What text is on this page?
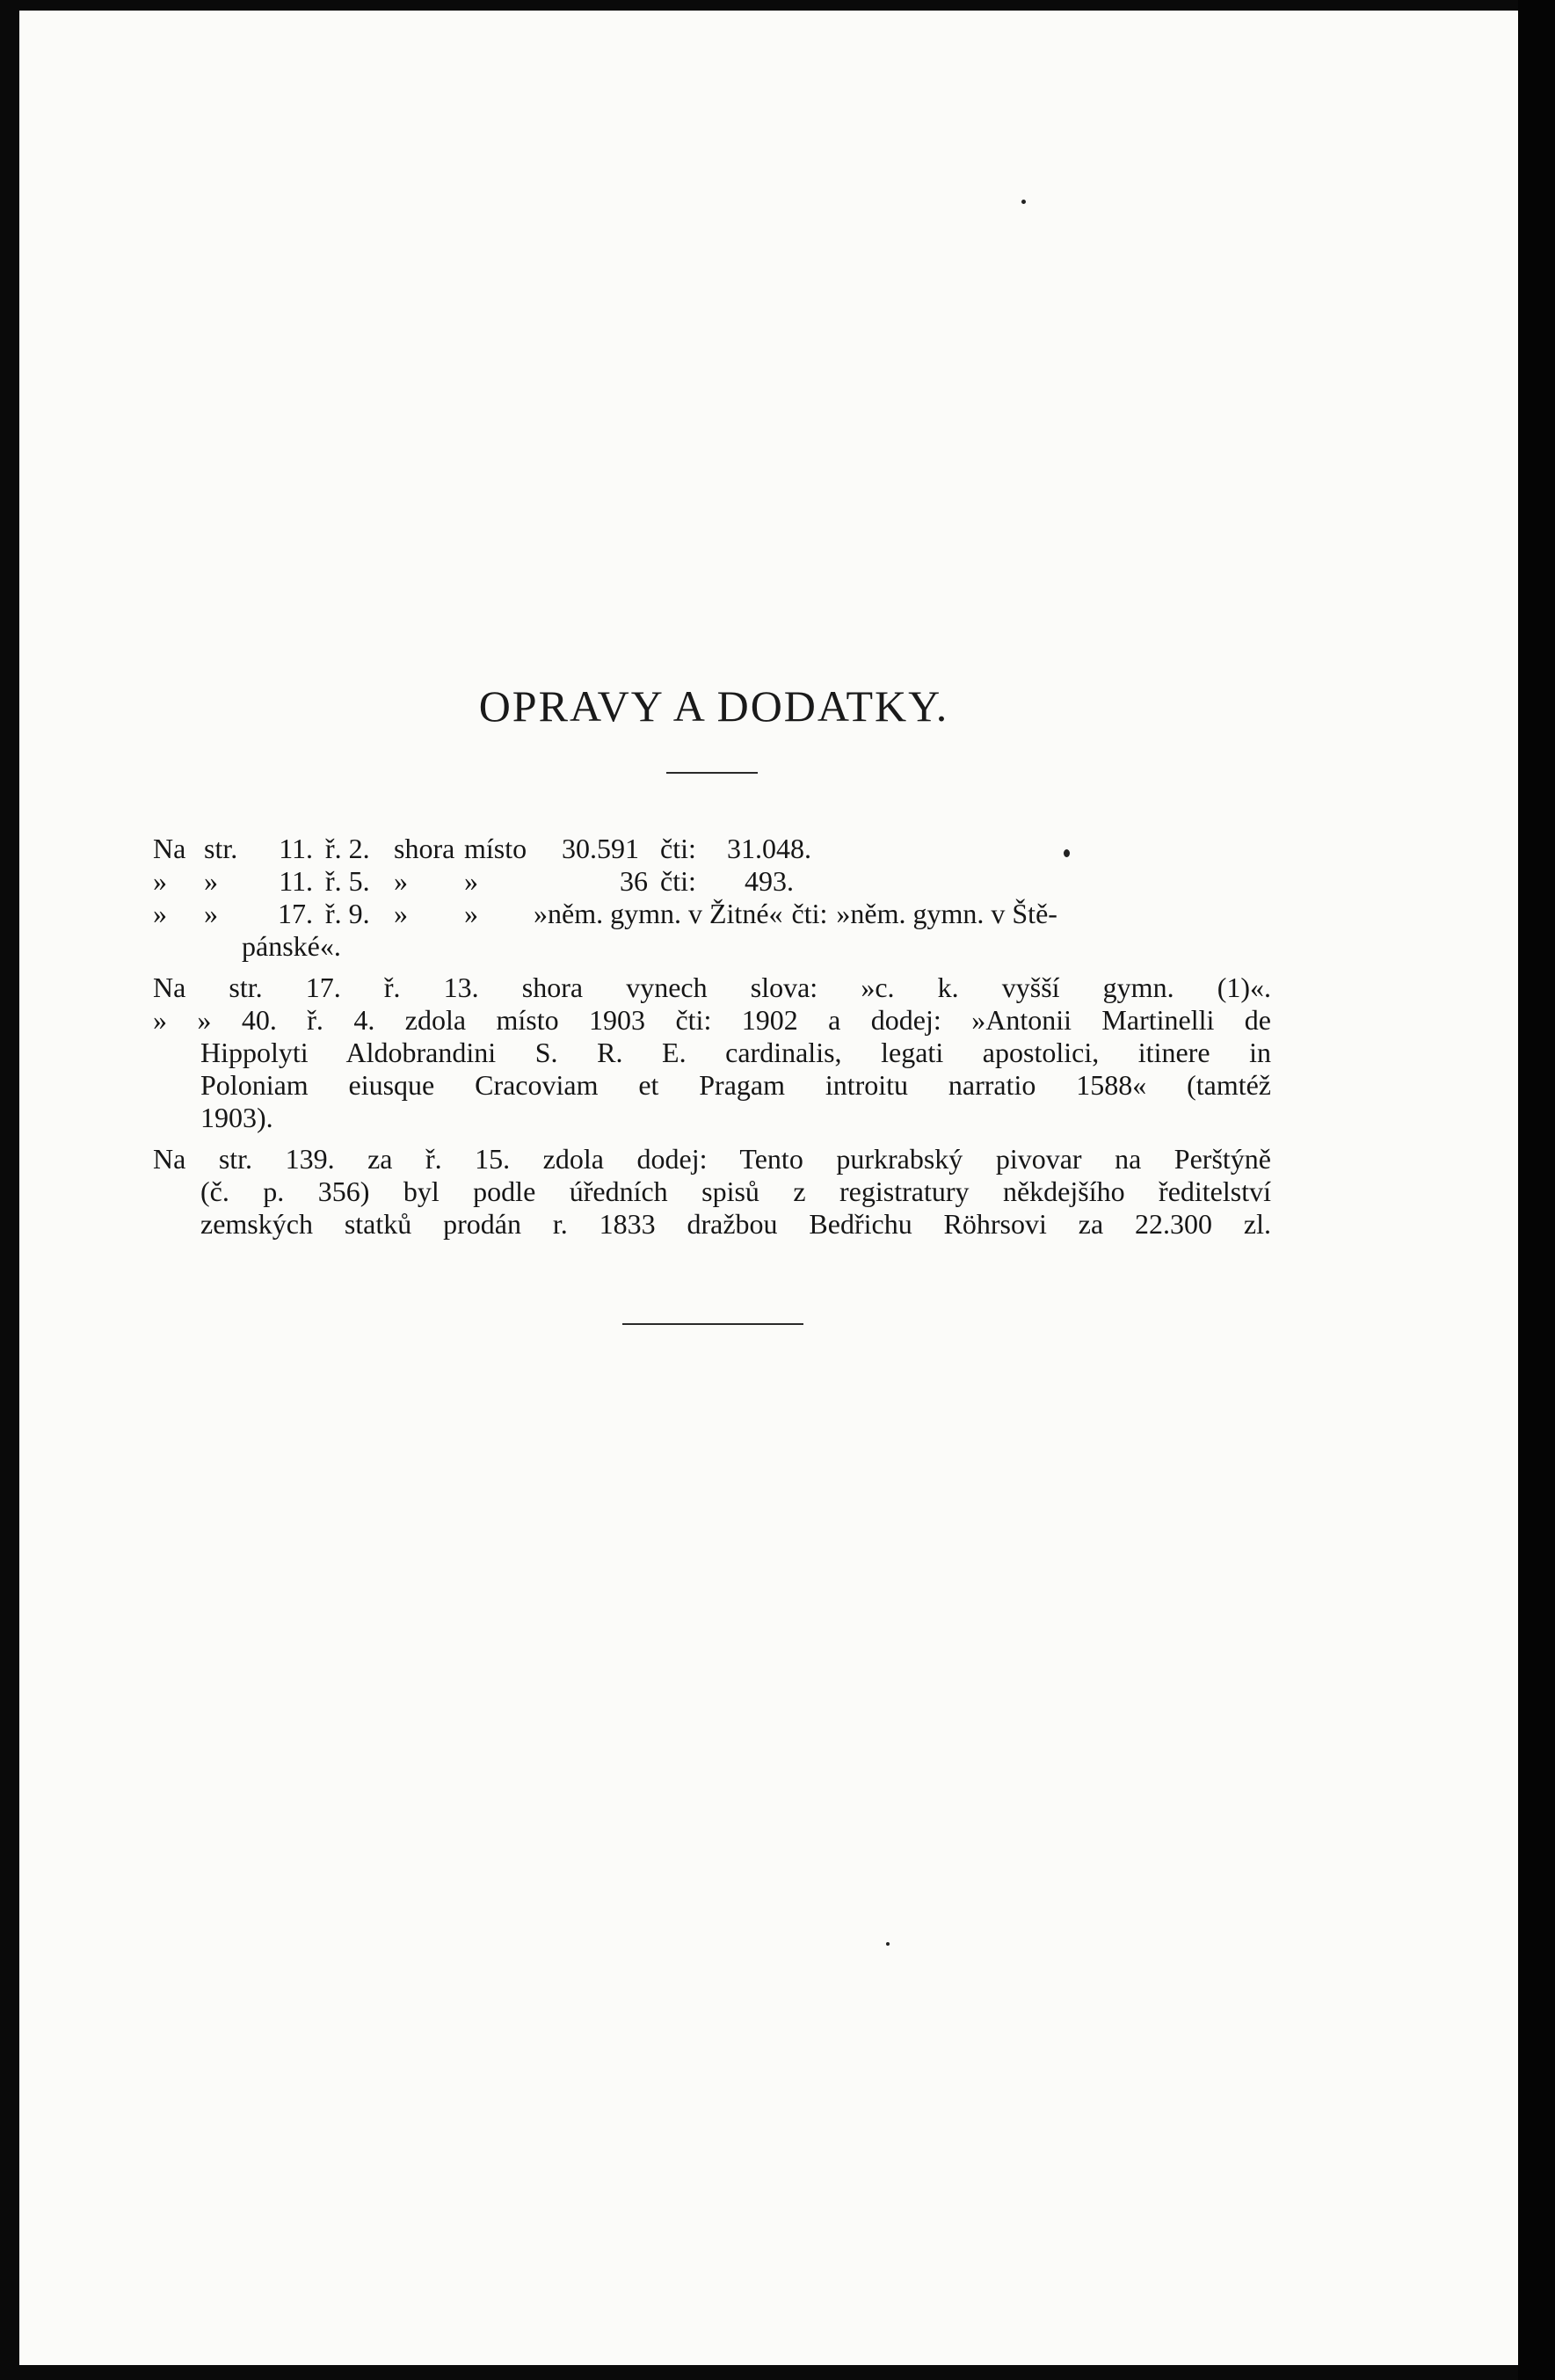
OPRAVY A DODATKY.
Na str.	11. ř. 2. shora místo	30.591 čti:	31.048.
»	»	11. ř. 5. »	»	36 čti:	493.
»	»	17. ř. 9. »	»	»něm. gymn. v Žitné« čti: »něm. gymn. v Ště-
pánské«.
Na str. 17. ř. 13. shora vynech slova: »c. k. vyšší gymn. (1)«.
» » 40. ř. 4. zdola místo 1903 čti: 1902 a dodej: »Antonii Martinelli de
Hippolyti Aldobrandini S. R. E. cardinalis, legati apostolici, itinere in
Poloniam eiusque Cracoviam et Pragam introitu narratio 1588« (tamtéž
1903).
Na str. 139. za ř. 15. zdola dodej: Tento purkrabský pivovar na Perštýně
(č. p. 356) byl podle úředních spisů z registratury někdejšího ředitelství
zemských statků prodán r. 1833 dražbou Bedřichu Röhrsovi za 22.300 zl.
